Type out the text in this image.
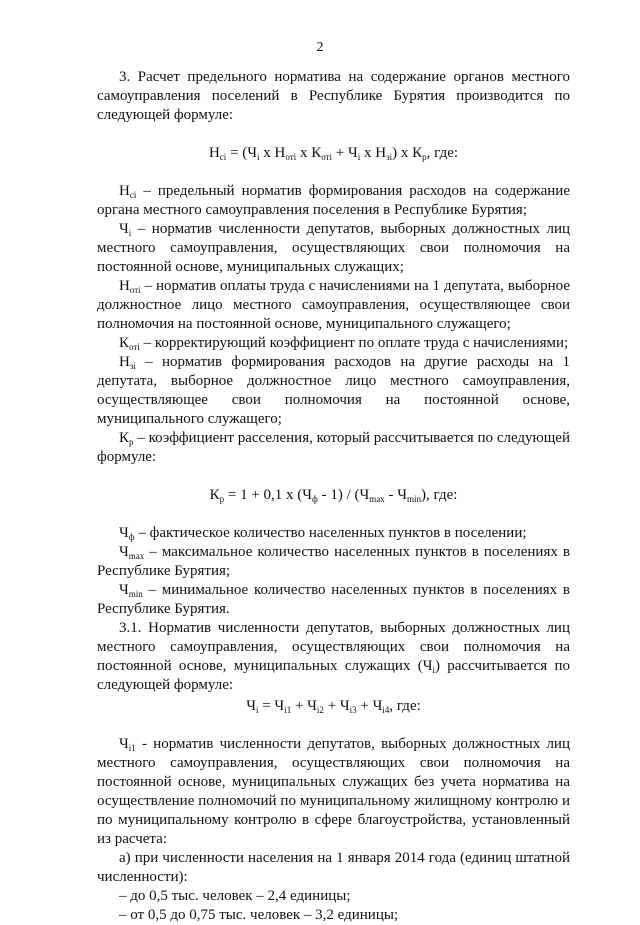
2

3. Расчет предельного норматива на содержание органов местного самоуправления поселений в Республике Бурятия производится по следующей формуле:

$Н_{сi} = (Ч_i$ х $Н_{отi}$ х $К_{отi} + Ч_i$ х $Н_{зi}$) х $К_р$, где:

$Н_{сi}$ – предельный норматив формирования расходов на содержание органа местного самоуправления поселения в Республике Бурятия;

$Ч_i$ – норматив численности депутатов, выборных должностных лиц местного самоуправления, осуществляющих свои полномочия на постоянной основе, муниципальных служащих;

$Н_{отi}$ – норматив оплаты труда с начислениями на 1 депутата, выборное должностное лицо местного самоуправления, осуществляющее свои полномочия на постоянной основе, муниципального служащего;

$К_{отi}$ – корректирующий коэффициент по оплате труда с начислениями;

$Н_{зi}$ – норматив формирования расходов на другие расходы на 1 депутата, выборное должностное лицо местного самоуправления, осуществляющее свои полномочия на постоянной основе, муниципального служащего;

$К_р$ – коэффициент расселения, который рассчитывается по следующей формуле:

$К_р = 1 + 0,1$ х $(Ч_ф - 1) / (Ч_{max} - Ч_{min})$, где:

$Ч_ф$ – фактическое количество населенных пунктов в поселении;

$Ч_{max}$ – максимальное количество населенных пунктов в поселениях в Республике Бурятия;

$Ч_{min}$ – минимальное количество населенных пунктов в поселениях в Республике Бурятия.

3.1. Норматив численности депутатов, выборных должностных лиц местного самоуправления, осуществляющих свои полномочия на постоянной основе, муниципальных служащих $(Ч_i)$ рассчитывается по следующей формуле:

$Ч_i = Ч_{i1} + Ч_{i2} + Ч_{i3} + Ч_{i4}$, где:

$Ч_{i1}$ - норматив численности депутатов, выборных должностных лиц местного самоуправления, осуществляющих свои полномочия на постоянной основе, муниципальных служащих без учета норматива на осуществление полномочий по муниципальному жилищному контролю и по муниципальному контролю в сфере благоустройства, установленный из расчета:

а) при численности населения на 1 января 2014 года (единиц штатной численности):

– до 0,5 тыс. человек – 2,4 единицы;

– от 0,5 до 0,75 тыс. человек – 3,2 единицы;
